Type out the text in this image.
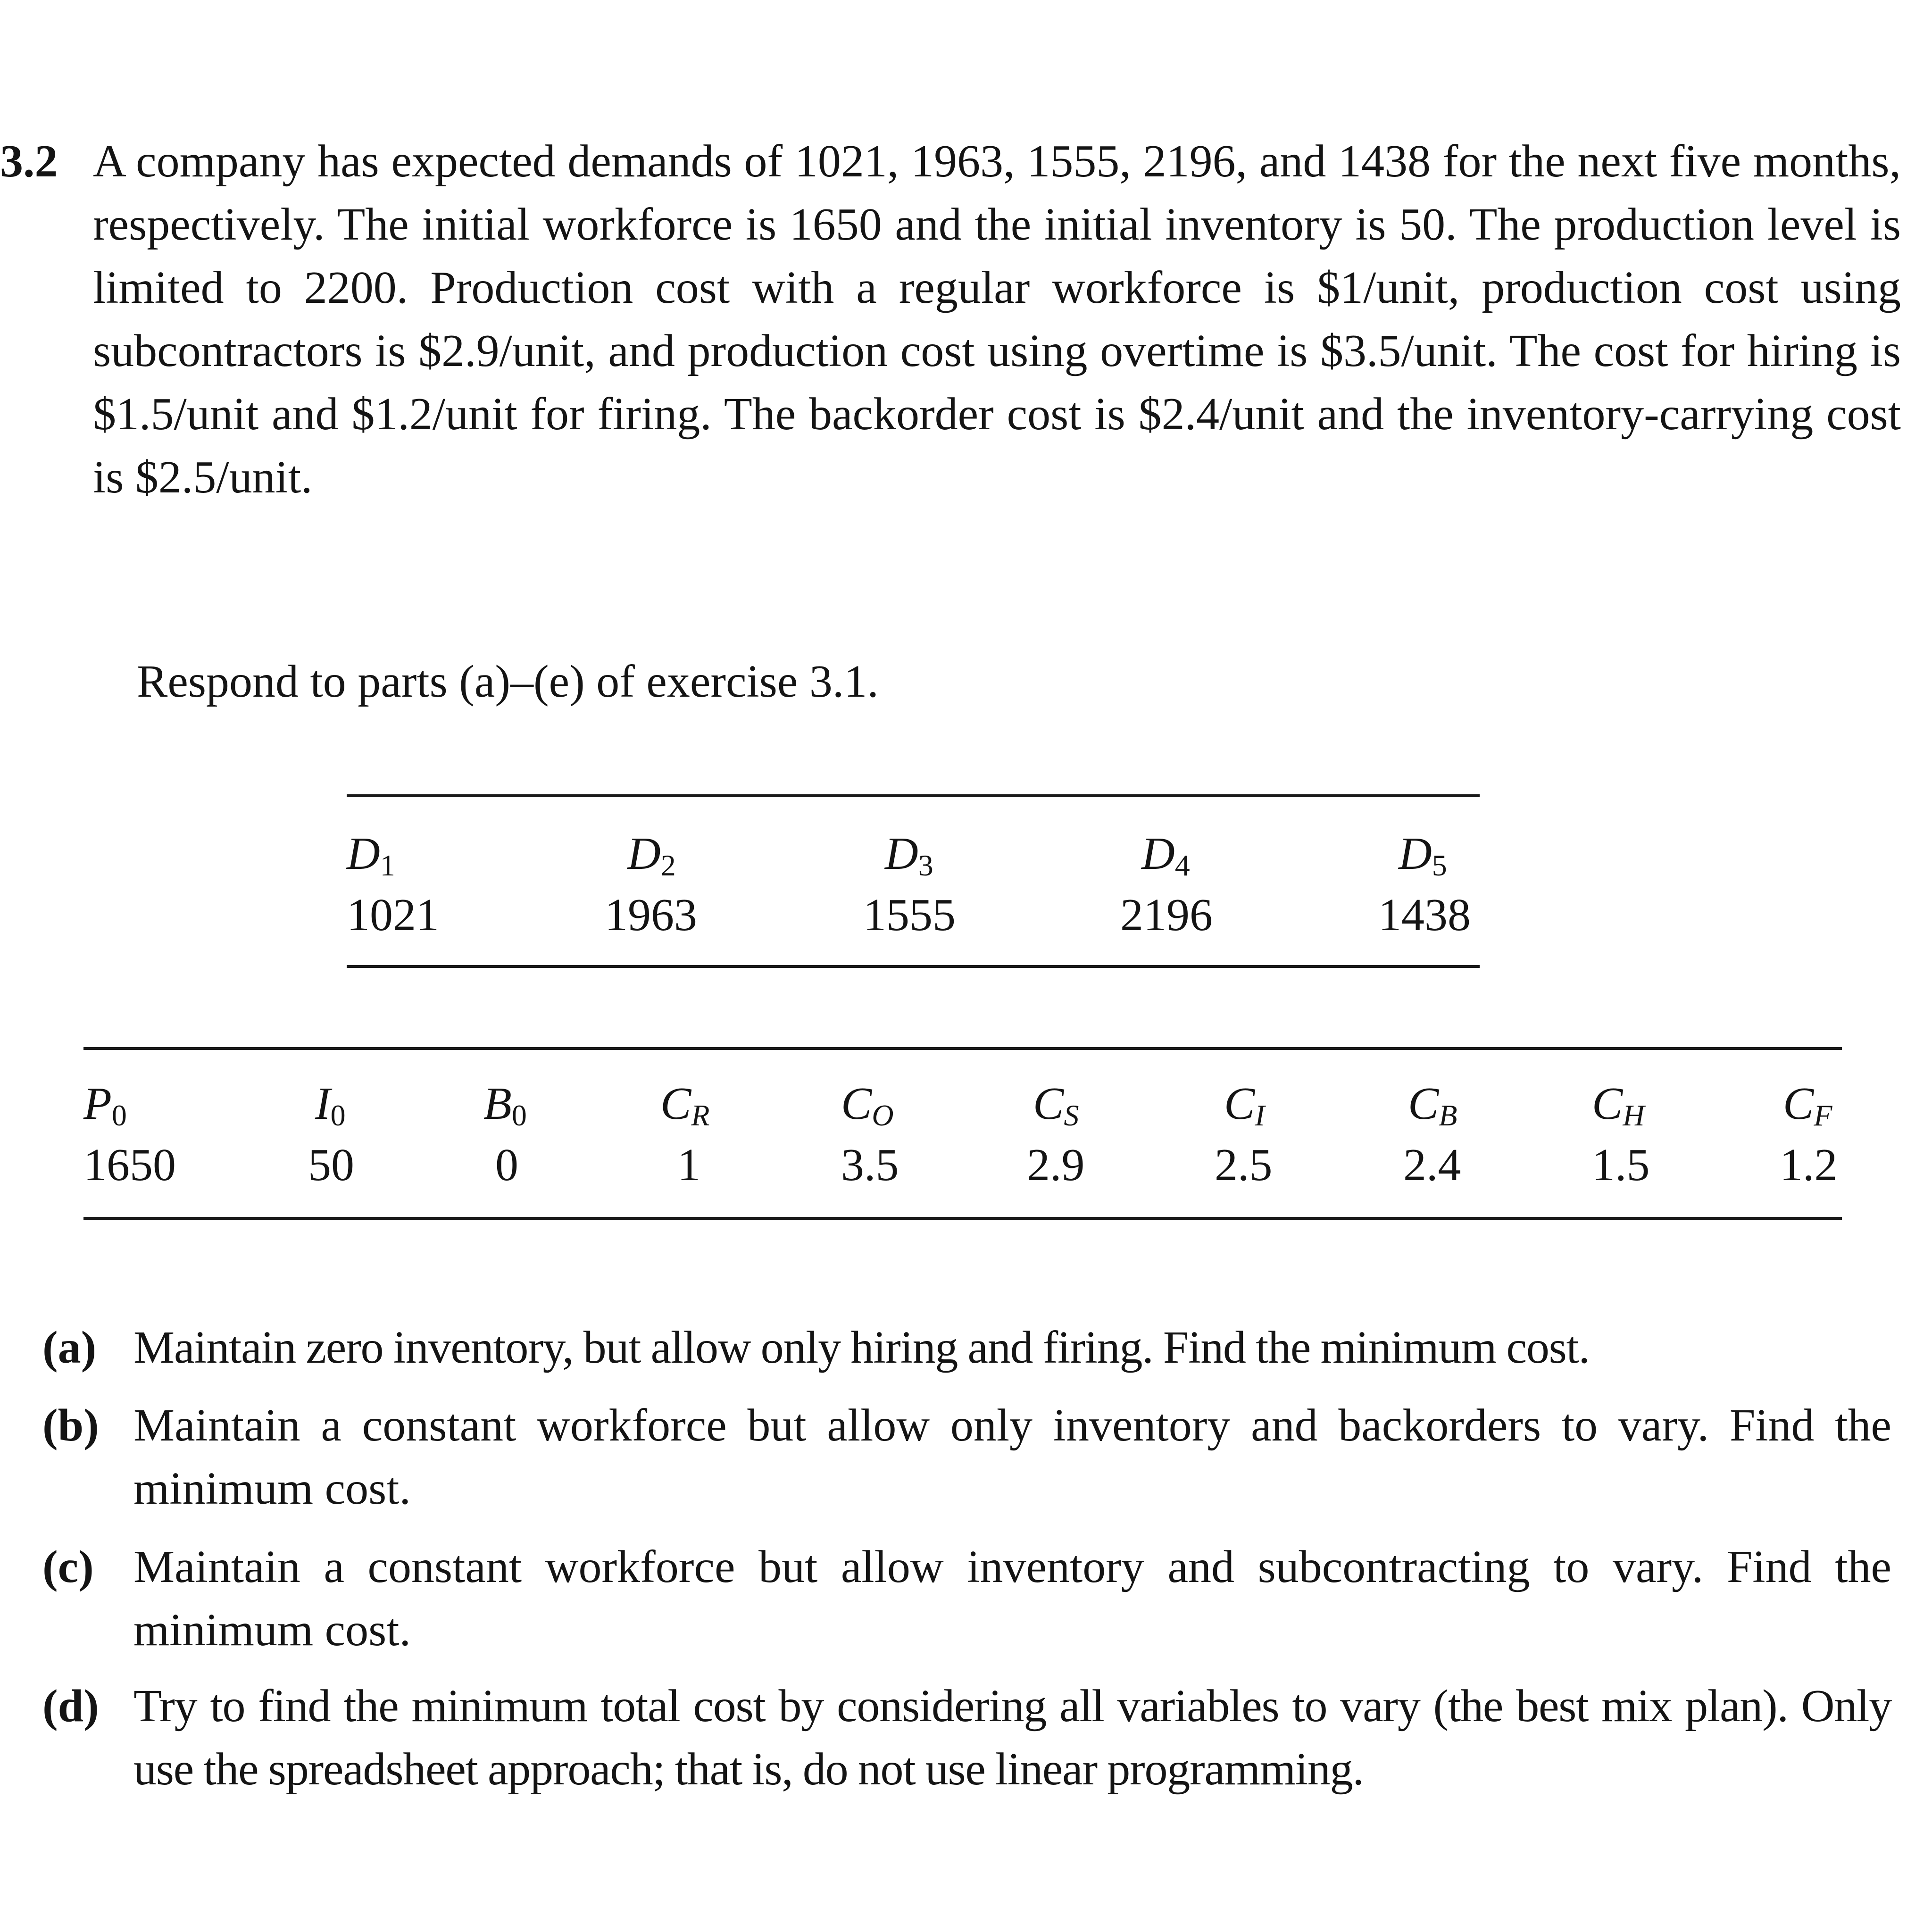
3.2 A company has expected demands of 1021, 1963, 1555, 2196, and 1438 for the next five months, respectively. The initial workforce is 1650 and the initial inventory is 50. The production level is limited to 2200. Production cost with a regular workforce is $1/unit, production cost using subcontractors is $2.9/unit, and production cost using overtime is $3.5/unit. The cost for hiring is $1.5/unit and $1.2/unit for firing. The backorder cost is $2.4/unit and the inventory-carrying cost is $2.5/unit.
Respond to parts (a)–(e) of exercise 3.1.
$D_1$	$D_2$	$D_3$	$D_4$	$D_5$
1021	1963	1555	2196	1438
$P_0$	$I_0$	$B_0$	$C_R$	$C_O$	$C_S$	$C_I$	$C_B$	$C_H$	$C_F$
1650	50	0	1	3.5	2.9	2.5	2.4	1.5	1.2
(a) Maintain zero inventory, but allow only hiring and firing. Find the minimum cost.
(b) Maintain a constant workforce but allow only inventory and backorders to vary. Find the minimum cost.
(c) Maintain a constant workforce but allow inventory and subcontracting to vary. Find the minimum cost.
(d) Try to find the minimum total cost by considering all variables to vary (the best mix plan). Only use the spreadsheet approach; that is, do not use linear programming.
